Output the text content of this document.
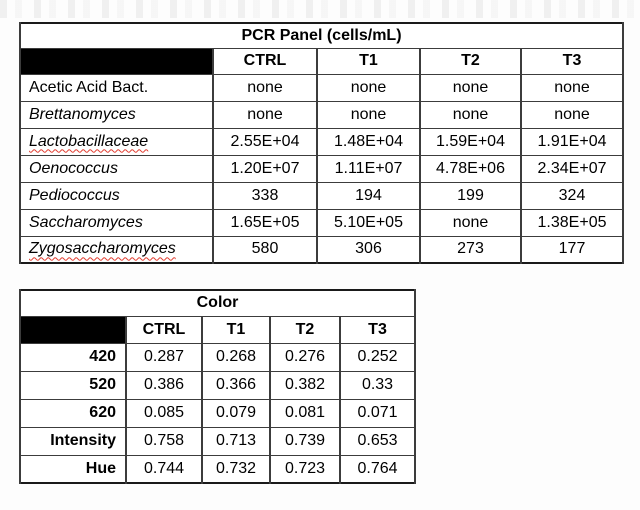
PCR Panel (cells/mL)				
	CTRL	T1	T2	T3
Acetic Acid Bact.	none	none	none	none
Brettanomyces	none	none	none	none
Lactobacillaceae	2.55E+04	1.48E+04	1.59E+04	1.91E+04
Oenococcus	1.20E+07	1.11E+07	4.78E+06	2.34E+07
Pediococcus	338	194	199	324
Saccharomyces	1.65E+05	5.10E+05	none	1.38E+05
Zygosaccharomyces	580	306	273	177
Color				
	CTRL	T1	T2	T3
420	0.287	0.268	0.276	0.252
520	0.386	0.366	0.382	0.33
620	0.085	0.079	0.081	0.071
Intensity	0.758	0.713	0.739	0.653
Hue	0.744	0.732	0.723	0.764
